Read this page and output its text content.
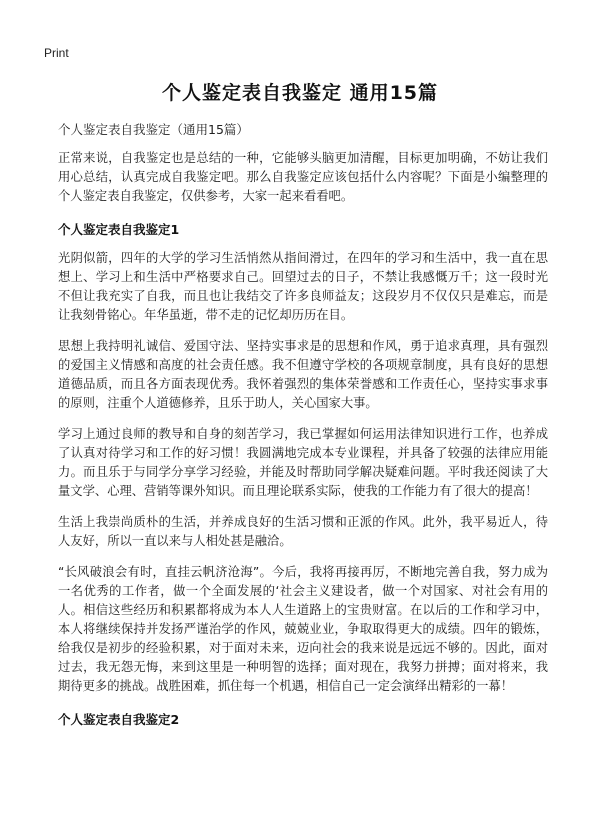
Print
个人鉴定表自我鉴定 通用15篇

个人鉴定表自我鉴定（通用15篇）

正常来说，自我鉴定也是总结的一种，它能够头脑更加清醒，目标更加明确，不妨让我们用心总结，认真完成自我鉴定吧。那么自我鉴定应该包括什么内容呢？下面是小编整理的个人鉴定表自我鉴定，仅供参考，大家一起来看看吧。

个人鉴定表自我鉴定1

光阴似箭，四年的大学的学习生活悄然从指间滑过，在四年的学习和生活中，我一直在思想上、学习上和生活中严格要求自己。回望过去的日子，不禁让我感慨万千；这一段时光不但让我充实了自我，而且也让我结交了许多良师益友；这段岁月不仅仅只是难忘，而是让我刻骨铭心。年华虽逝，带不走的记忆却历历在目。

思想上我持明礼诚信、爱国守法、坚持实事求是的思想和作风，勇于追求真理，具有强烈的爱国主义情感和高度的社会责任感。我不但遵守学校的各项规章制度，具有良好的思想道德品质，而且各方面表现优秀。我怀着强烈的集体荣誉感和工作责任心，坚持实事求事的原则，注重个人道德修养，且乐于助人，关心国家大事。

学习上通过良师的教导和自身的刻苦学习，我已掌握如何运用法律知识进行工作，也养成了认真对待学习和工作的好习惯！我圆满地完成本专业课程，并具备了较强的法律应用能力。而且乐于与同学分享学习经验，并能及时帮助同学解决疑难问题。平时我还阅读了大量文学、心理、营销等课外知识。而且理论联系实际，使我的工作能力有了很大的提高！

生活上我崇尚质朴的生活，并养成良好的生活习惯和正派的作风。此外，我平易近人，待人友好，所以一直以来与人相处甚是融洽。

“长风破浪会有时，直挂云帆济沧海”。今后，我将再接再厉，不断地完善自我，努力成为一名优秀的工作者，做一个全面发展的‘社会主义建设者，做一个对国家、对社会有用的人。相信这些经历和积累都将成为本人人生道路上的宝贵财富。在以后的工作和学习中，本人将继续保持并发扬严谨治学的作风，兢兢业业，争取取得更大的成绩。四年的锻炼，给我仅是初步的经验积累，对于面对未来，迈向社会的我来说是远远不够的。因此，面对过去，我无怨无悔，来到这里是一种明智的选择；面对现在，我努力拼搏；面对将来，我期待更多的挑战。战胜困难，抓住每一个机遇，相信自己一定会演绎出精彩的一幕！

个人鉴定表自我鉴定2
